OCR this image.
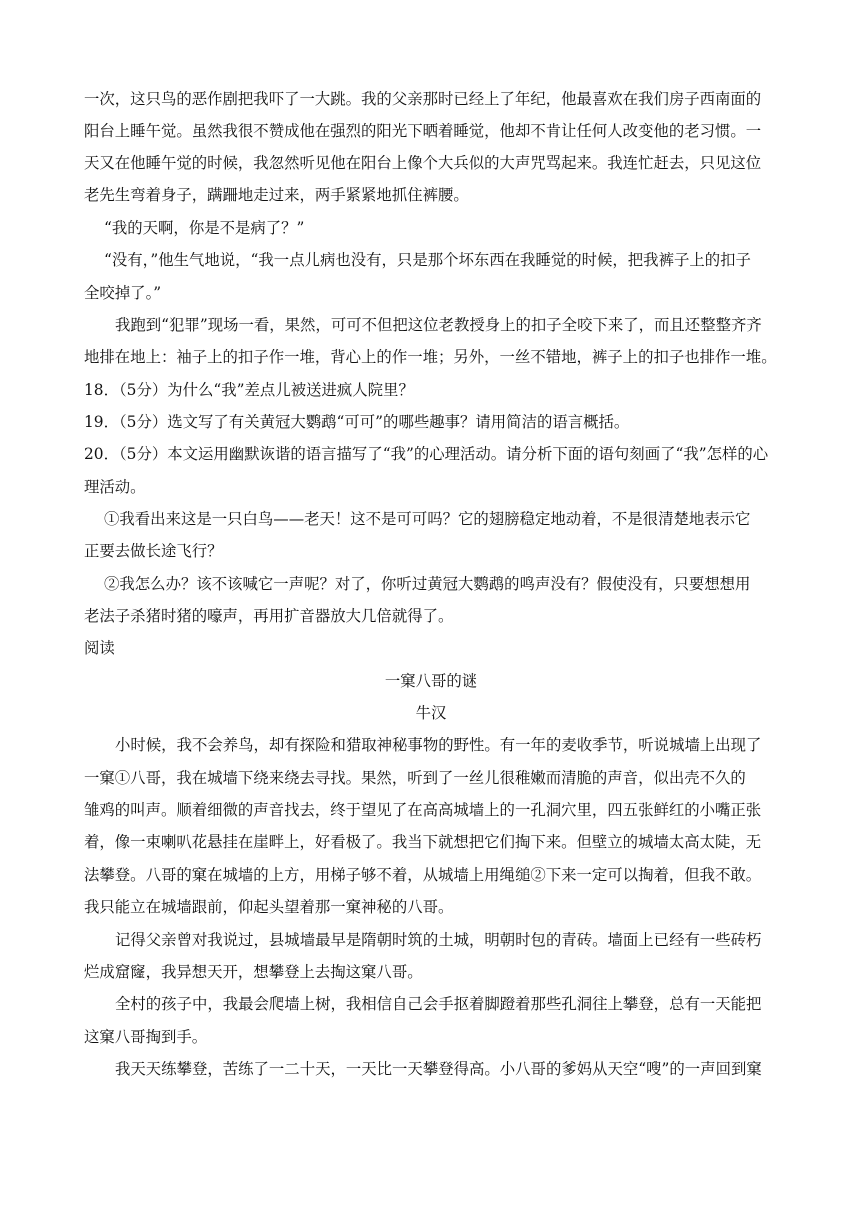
一次，这只鸟的恶作剧把我吓了一大跳。我的父亲那时已经上了年纪，他最喜欢在我们房子西南面的
阳台上睡午觉。虽然我很不赞成他在强烈的阳光下晒着睡觉，他却不肯让任何人改变他的老习惯。一
天又在他睡午觉的时候，我忽然听见他在阳台上像个大兵似的大声咒骂起来。我连忙赶去，只见这位
老先生弯着身子，蹒跚地走过来，两手紧紧地抓住裤腰。
“我的天啊，你是不是病了？”
“没有，”他生气地说，“我一点儿病也没有，只是那个坏东西在我睡觉的时候，把我裤子上的扣子
全咬掉了。”
我跑到“犯罪”现场一看，果然，可可不但把这位老教授身上的扣子全咬下来了，而且还整整齐齐
地排在地上：袖子上的扣子作一堆，背心上的作一堆；另外，一丝不错地，裤子上的扣子也排作一堆。
18．（5分）为什么“我”差点儿被送进疯人院里？
19．（5分）选文写了有关黄冠大鹦鹉“可可”的哪些趣事？请用简洁的语言概括。
20．（5分）本文运用幽默诙谐的语言描写了“我”的心理活动。请分析下面的语句刻画了“我”怎样的心
理活动。
①我看出来这是一只白鸟——老天！这不是可可吗？它的翅膀稳定地动着，不是很清楚地表示它
正要去做长途飞行？
②我怎么办？该不该喊它一声呢？对了，你听过黄冠大鹦鹉的鸣声没有？假使没有，只要想想用
老法子杀猪时猪的嚎声，再用扩音器放大几倍就得了。
阅读
一窠八哥的谜
牛汉
小时候，我不会养鸟，却有探险和猎取神秘事物的野性。有一年的麦收季节，听说城墙上出现了
一窠①八哥，我在城墙下绕来绕去寻找。果然，听到了一丝儿很稚嫩而清脆的声音，似出壳不久的
雏鸡的叫声。顺着细微的声音找去，终于望见了在高高城墙上的一孔洞穴里，四五张鲜红的小嘴正张
着，像一束喇叭花悬挂在崖畔上，好看极了。我当下就想把它们掏下来。但壁立的城墙太高太陡，无
法攀登。八哥的窠在城墙的上方，用梯子够不着，从城墙上用绳缒②下来一定可以掏着，但我不敢。
我只能立在城墙跟前，仰起头望着那一窠神秘的八哥。
记得父亲曾对我说过，县城墙最早是隋朝时筑的土城，明朝时包的青砖。墙面上已经有一些砖朽
烂成窟窿，我异想天开，想攀登上去掏这窠八哥。
全村的孩子中，我最会爬墙上树，我相信自己会手抠着脚蹬着那些孔洞往上攀登，总有一天能把
这窠八哥掏到手。
我天天练攀登，苦练了一二十天，一天比一天攀登得高。小八哥的爹妈从天空“嗖”的一声回到窠
